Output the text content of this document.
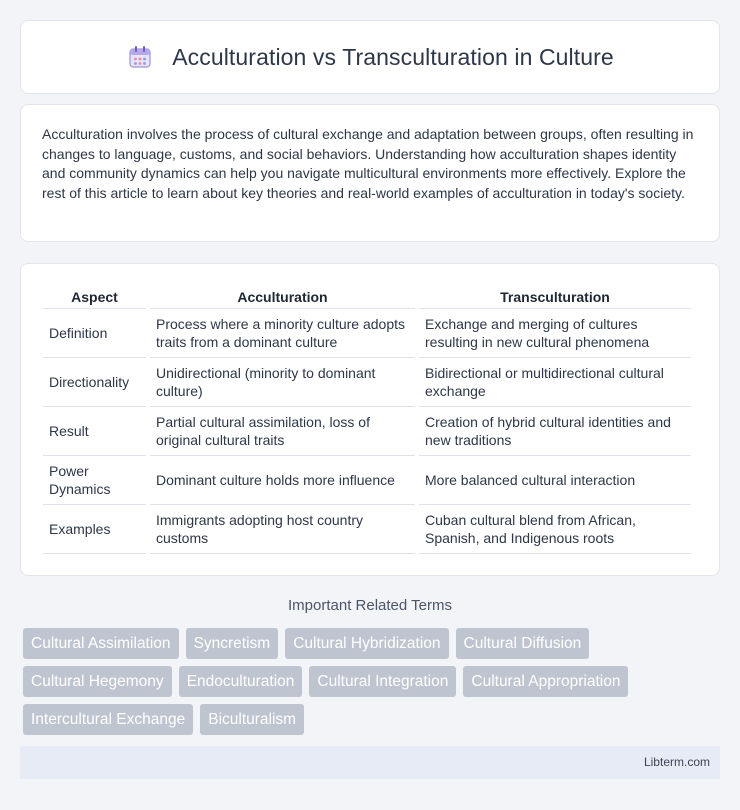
Acculturation vs Transculturation in Culture

Acculturation involves the process of cultural exchange and adaptation between groups, often resulting in changes to language, customs, and social behaviors. Understanding how acculturation shapes identity and community dynamics can help you navigate multicultural environments more effectively. Explore the rest of this article to learn about key theories and real-world examples of acculturation in today's society.

Aspect	Acculturation	Transculturation
Definition	Process where a minority culture adopts traits from a dominant culture	Exchange and merging of cultures resulting in new cultural phenomena
Directionality	Unidirectional (minority to dominant culture)	Bidirectional or multidirectional cultural exchange
Result	Partial cultural assimilation, loss of original cultural traits	Creation of hybrid cultural identities and new traditions
Power Dynamics	Dominant culture holds more influence	More balanced cultural interaction
Examples	Immigrants adopting host country customs	Cuban cultural blend from African, Spanish, and Indigenous roots
Important Related Terms
Cultural Assimilation	Syncretism	Cultural Hybridization	Cultural Diffusion
Cultural Hegemony	Endoculturation	Cultural Integration	Cultural Appropriation
Intercultural Exchange	Biculturalism
Libterm.com
